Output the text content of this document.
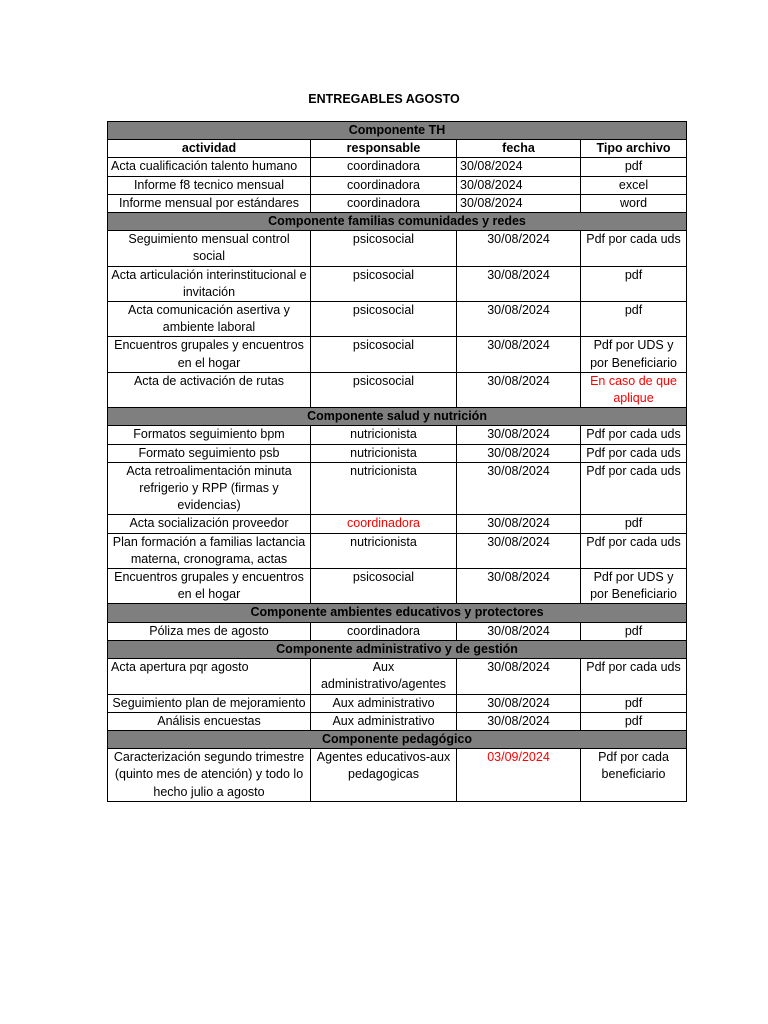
ENTREGABLES AGOSTO
Componente TH			
actividad	responsable	fecha	Tipo archivo
Acta cualificación talento humano	coordinadora	30/08/2024	pdf
Informe f8 tecnico mensual	coordinadora	30/08/2024	excel
Informe mensual por estándares	coordinadora	30/08/2024	word
Componente familias comunidades y redes			
Seguimiento mensual control social	psicosocial	30/08/2024	Pdf por cada uds
Acta articulación interinstitucional e invitación	psicosocial	30/08/2024	pdf
Acta comunicación asertiva y ambiente laboral	psicosocial	30/08/2024	pdf
Encuentros grupales y encuentros en el hogar	psicosocial	30/08/2024	Pdf por UDS y por Beneficiario
Acta de activación de rutas	psicosocial	30/08/2024	En caso de que aplique
Componente salud y nutrición			
Formatos seguimiento bpm	nutricionista	30/08/2024	Pdf por cada uds
Formato seguimiento psb	nutricionista	30/08/2024	Pdf por cada uds
Acta retroalimentación minuta refrigerio y RPP (firmas y evidencias)	nutricionista	30/08/2024	Pdf por cada uds
Acta socialización proveedor	coordinadora	30/08/2024	pdf
Plan formación a familias lactancia materna, cronograma, actas	nutricionista	30/08/2024	Pdf por cada uds
Encuentros grupales y encuentros en el hogar	psicosocial	30/08/2024	Pdf por UDS y por Beneficiario
Componente ambientes educativos y protectores			
Póliza mes de agosto	coordinadora	30/08/2024	pdf
Componente administrativo y de gestión			
Acta apertura pqr agosto	Aux administrativo/agentes	30/08/2024	Pdf por cada uds
Seguimiento plan de mejoramiento	Aux administrativo	30/08/2024	pdf
Análisis encuestas	Aux administrativo	30/08/2024	pdf
Componente pedagógico			
Caracterización segundo trimestre (quinto mes de atención) y todo lo hecho julio a agosto	Agentes educativos-aux pedagogicas	03/09/2024	Pdf por cada beneficiario
